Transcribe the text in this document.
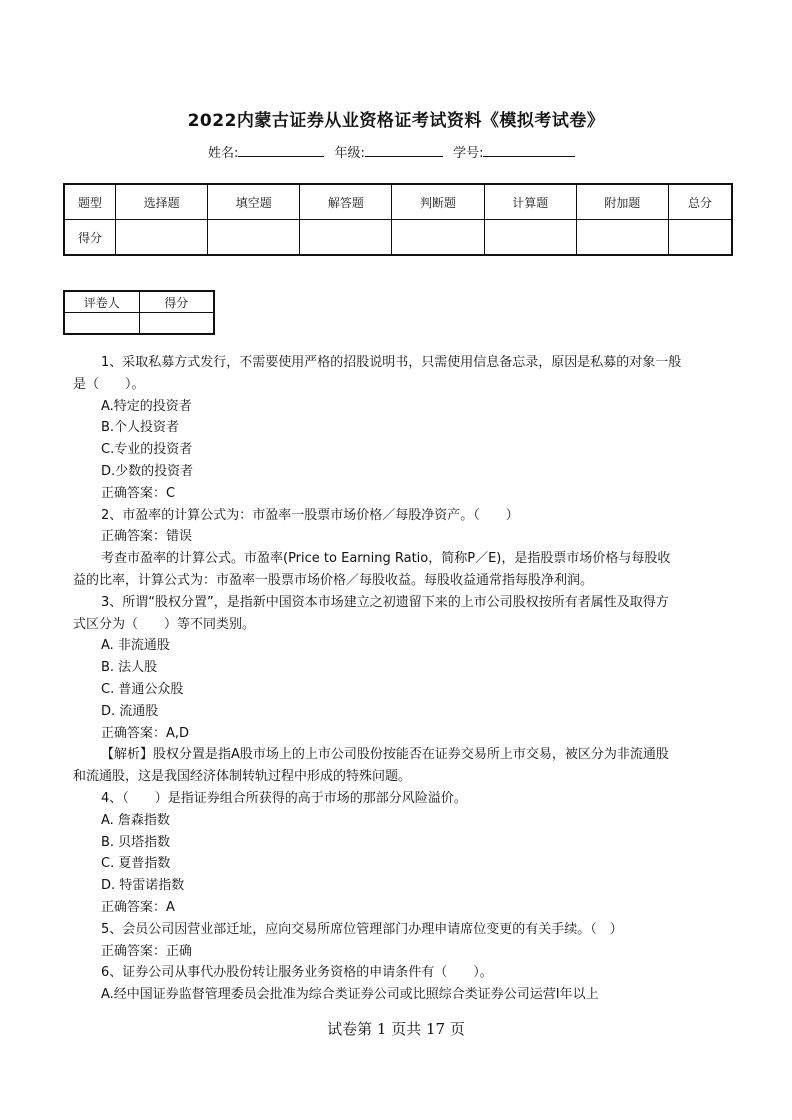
2022内蒙古证券从业资格证考试资料《模拟考试卷》
姓名:	年级:	学号:
题型	选择题	填空题	解答题	判断题	计算题	附加题	总分
得分							
评卷人	得分

1、采取私募方式发行，不需要使用严格的招股说明书，只需使用信息备忘录，原因是私募的对象一般

是（　　）。

A.特定的投资者

B.个人投资者

C.专业的投资者

D.少数的投资者

正确答案：C

2、市盈率的计算公式为：市盈率一股票市场价格／每股净资产。（　　）

正确答案：错误

考查市盈率的计算公式。市盈率(Price to Earning Ratio，简称P／E)，是指股票市场价格与每股收

益的比率，计算公式为：市盈率一股票市场价格／每股收益。每股收益通常指每股净利润。

3、所谓“股权分置”，是指新中国资本市场建立之初遗留下来的上市公司股权按所有者属性及取得方

式区分为（　　）等不同类别。

A. 非流通股

B. 法人股

C. 普通公众股

D. 流通股

正确答案：A,D

【解析】股权分置是指A股市场上的上市公司股份按能否在证券交易所上市交易，被区分为非流通股

和流通股，这是我国经济体制转轨过程中形成的特殊问题。

4、（　　）是指证券组合所获得的高于市场的那部分风险溢价。

A. 詹森指数

B. 贝塔指数

C. 夏普指数

D. 特雷诺指数

正确答案：A

5、会员公司因营业部迁址，应向交易所席位管理部门办理申请席位变更的有关手续。（　）

正确答案：正确

6、证券公司从事代办股份转让服务业务资格的申请条件有（　　）。

A.经中国证券监督管理委员会批准为综合类证券公司或比照综合类证券公司运营Ⅰ年以上

试卷第 1 页共 17 页
